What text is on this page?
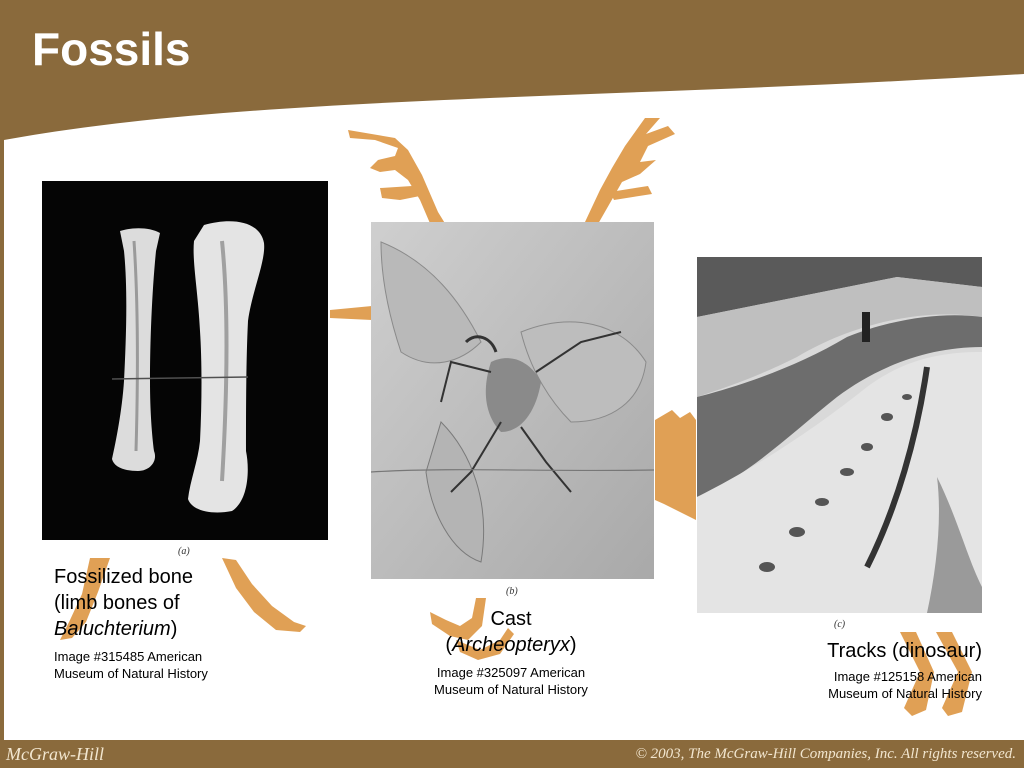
Fossils
(a)
(b)
(c)
Fossilized bone
(limb bones of
Baluchterium)
Image #315485 American Museum of Natural History
Cast
(Archeopteryx)
Image #325097 American Museum of Natural History
Tracks (dinosaur)
Image #125158 American Museum of Natural History
1-3
McGraw-Hill	© 2003, The McGraw-Hill Companies, Inc. All rights reserved.
